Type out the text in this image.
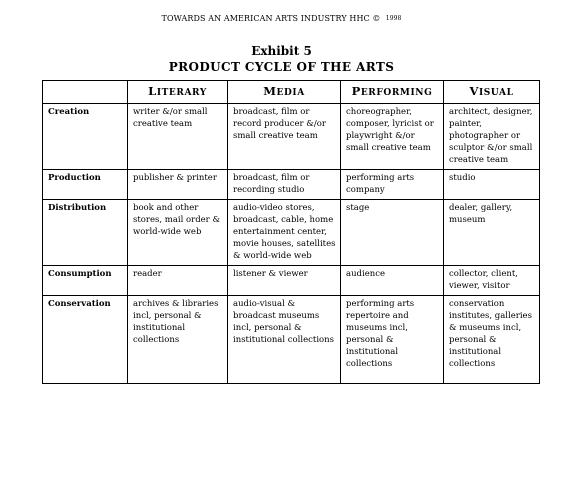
TOWARDS AN AMERICAN ARTS INDUSTRY HHC © 1998
Exhibit 5
PRODUCT CYCLE OF THE ARTS
	LITERARY	MEDIA	PERFORMING	VISUAL
Creation	writer &/or small creative team	broadcast, film or record producer &/or small creative team	choreographer, composer, lyricist or playwright &/or small creative team	architect, designer, painter, photographer or sculptor &/or small creative team
Production	publisher & printer	broadcast, film or recording studio	performing arts company	studio
Distribution	book and other stores, mail order & world-wide web	audio-video stores, broadcast, cable, home entertainment center, movie houses, satellites & world-wide web	stage	dealer, gallery, museum
Consumption	reader	listener & viewer	audience	collector, client, viewer, visitor
Conservation	archives & libraries incl, personal & institutional collections	audio-visual & broadcast museums incl, personal & institutional collections	performing arts repertoire and museums incl, personal & institutional collections	conservation institutes, galleries & museums incl, personal & institutional collections
